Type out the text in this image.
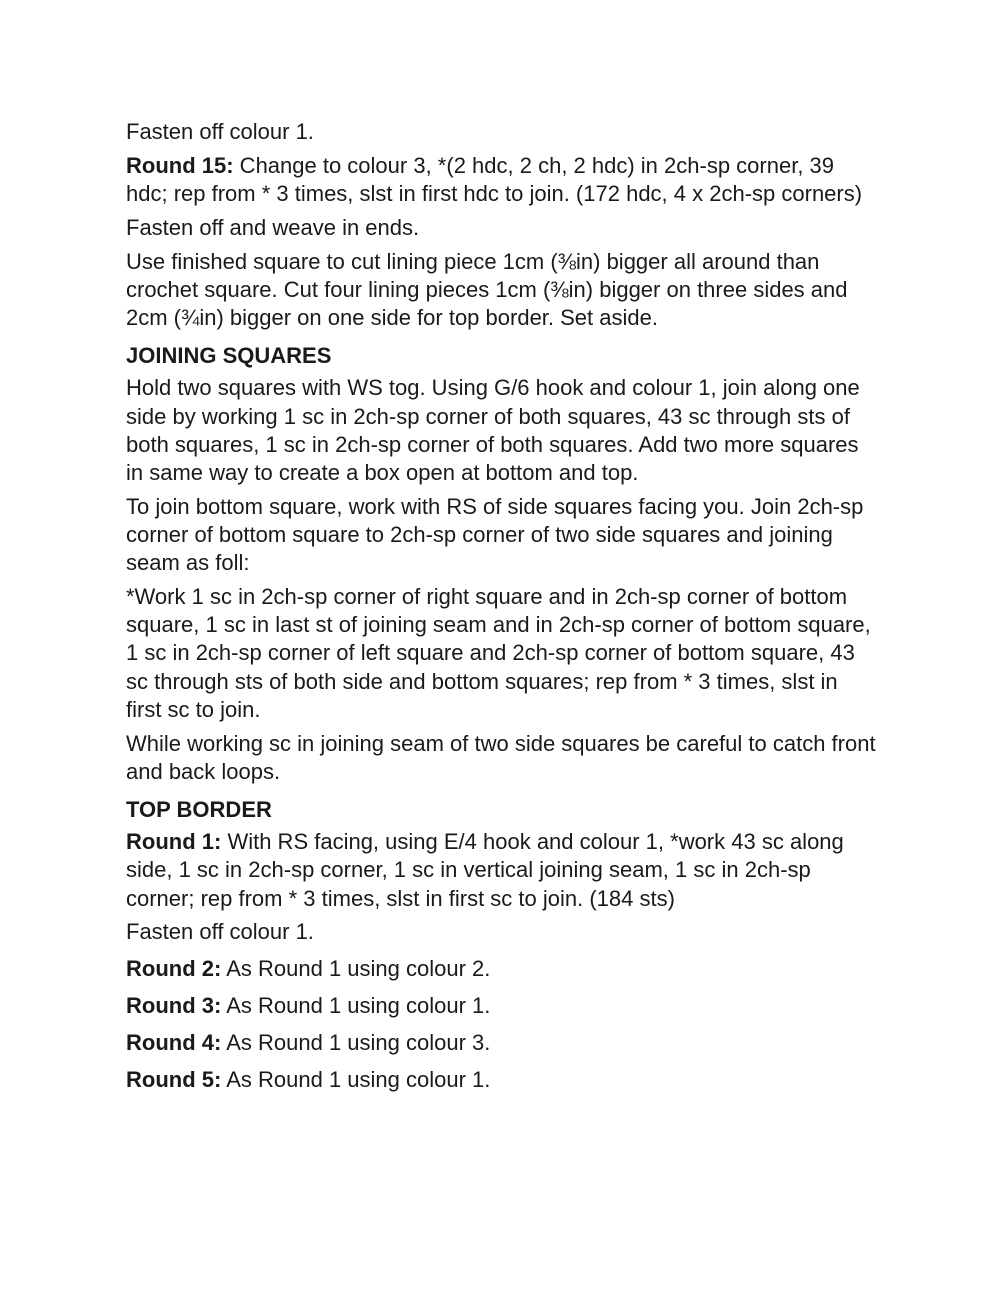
Fasten off colour 1.

Round 15: Change to colour 3, *(2 hdc, 2 ch, 2 hdc) in 2ch-sp corner, 39 hdc; rep from * 3 times, slst in first hdc to join. (172 hdc, 4 x 2ch-sp corners)

Fasten off and weave in ends.

Use finished square to cut lining piece 1cm (⅜in) bigger all around than crochet square. Cut four lining pieces 1cm (⅜in) bigger on three sides and 2cm (¾in) bigger on one side for top border. Set aside.

JOINING SQUARES

Hold two squares with WS tog. Using G/6 hook and colour 1, join along one side by working 1 sc in 2ch-sp corner of both squares, 43 sc through sts of both squares, 1 sc in 2ch-sp corner of both squares. Add two more squares in same way to create a box open at bottom and top.

To join bottom square, work with RS of side squares facing you. Join 2ch-sp corner of bottom square to 2ch-sp corner of two side squares and joining seam as foll:

*Work 1 sc in 2ch-sp corner of right square and in 2ch-sp corner of bottom square, 1 sc in last st of joining seam and in 2ch-sp corner of bottom square, 1 sc in 2ch-sp corner of left square and 2ch-sp corner of bottom square, 43 sc through sts of both side and bottom squares; rep from * 3 times, slst in first sc to join.

While working sc in joining seam of two side squares be careful to catch front and back loops.

TOP BORDER

Round 1: With RS facing, using E/4 hook and colour 1, *work 43 sc along side, 1 sc in 2ch-sp corner, 1 sc in vertical joining seam, 1 sc in 2ch-sp corner; rep from * 3 times, slst in first sc to join. (184 sts)

Fasten off colour 1.

Round 2: As Round 1 using colour 2.

Round 3: As Round 1 using colour 1.

Round 4: As Round 1 using colour 3.

Round 5: As Round 1 using colour 1.
